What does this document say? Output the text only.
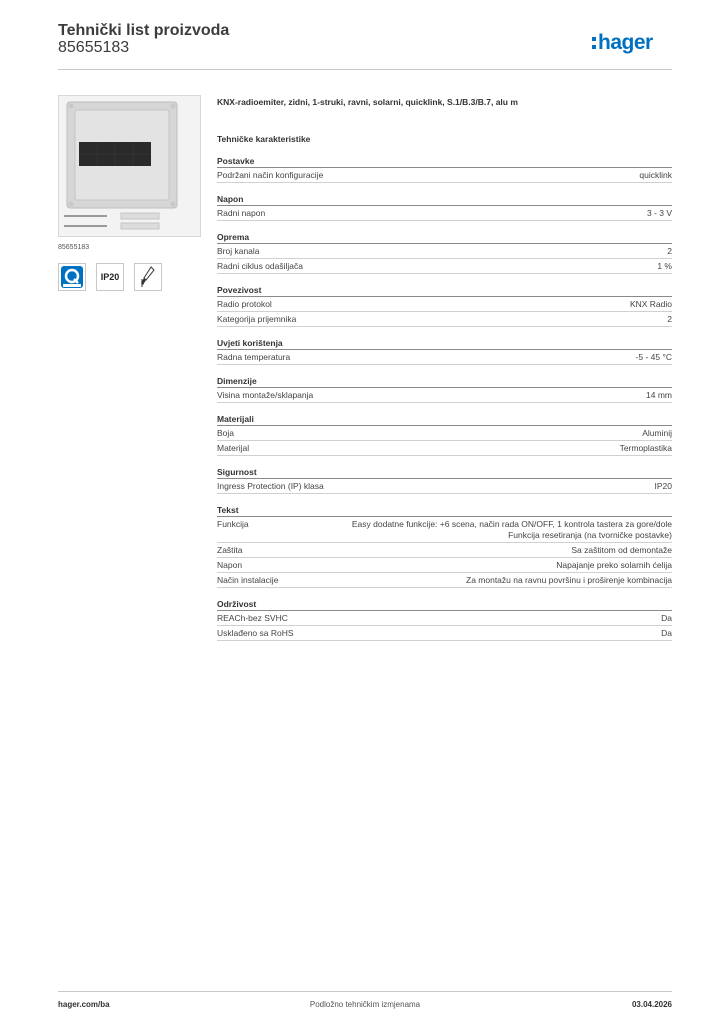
Tehnički list proizvoda
85655183	hager
85655183
IP20
KNX-radioemiter, zidni, 1-struki, ravni, solarni, quicklink, S.1/B.3/B.7, alu m
Tehničke karakteristike
Postavke
Podržani način konfiguracije	quicklink
Napon
Radni napon	3 - 3 V
Oprema
Broj kanala	2
Radni ciklus odašiljača	1 %
Povezivost
Radio protokol	KNX Radio
Kategorija prijemnika	2
Uvjeti korištenja
Radna temperatura	-5 - 45 °C
Dimenzije
Visina montaže/sklapanja	14 mm
Materijali
Boja	Aluminij
Materijal	Termoplastika
Sigurnost
Ingress Protection (IP) klasa	IP20
Tekst
Funkcija	Easy dodatne funkcije: +6 scena, način rada ON/OFF, 1 kontrola tastera za gore/dole
Funkcija resetiranja (na tvorničke postavke)
Zaštita	Sa zaštitom od demontaže
Napon	Napajanje preko solarnih ćelija
Način instalacije	Za montažu na ravnu površinu i proširenje kombinacija
Održivost
REACh-bez SVHC	Da
Usklađeno sa RoHS	Da
hager.com/ba	Podložno tehničkim izmjenama	03.04.2026
